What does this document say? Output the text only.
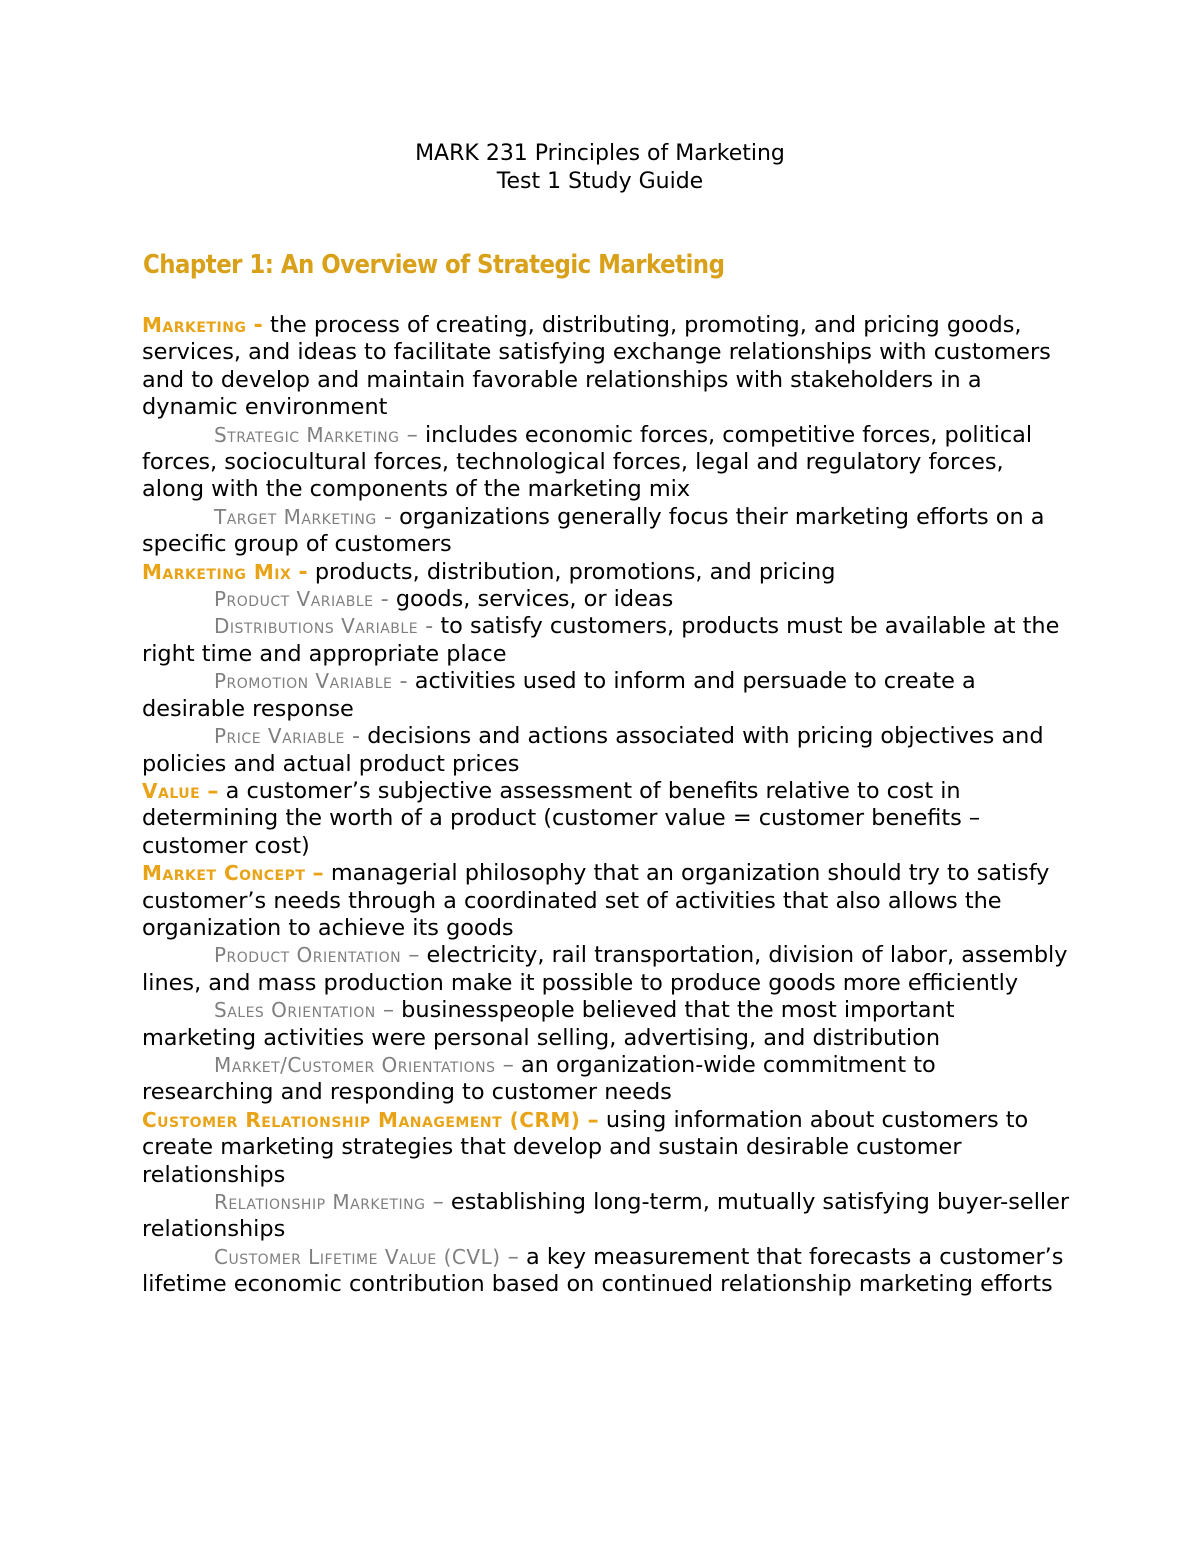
MARK 231 Principles of Marketing
Test 1 Study Guide
Chapter 1: An Overview of Strategic Marketing

Marketing - the process of creating, distributing, promoting, and pricing goods, services, and ideas to facilitate satisfying exchange relationships with customers and to develop and maintain favorable relationships with stakeholders in a dynamic environment

Strategic Marketing – includes economic forces, competitive forces, political forces, sociocultural forces, technological forces, legal and regulatory forces, along with the components of the marketing mix

Target Marketing - organizations generally focus their marketing efforts on a specific group of customers

Marketing Mix - products, distribution, promotions, and pricing

Product Variable - goods, services, or ideas

Distributions Variable - to satisfy customers, products must be available at the right time and appropriate place

Promotion Variable - activities used to inform and persuade to create a desirable response

Price Variable - decisions and actions associated with pricing objectives and policies and actual product prices

Value – a customer’s subjective assessment of benefits relative to cost in determining the worth of a product (customer value = customer benefits – customer cost)

Market Concept – managerial philosophy that an organization should try to satisfy customer’s needs through a coordinated set of activities that also allows the organization to achieve its goods

Product Orientation – electricity, rail transportation, division of labor, assembly lines, and mass production make it possible to produce goods more efficiently

Sales Orientation – businesspeople believed that the most important marketing activities were personal selling, advertising, and distribution

Market/Customer Orientations – an organization-wide commitment to researching and responding to customer needs

Customer Relationship Management (CRM) – using information about customers to create marketing strategies that develop and sustain desirable customer relationships

Relationship Marketing – establishing long-term, mutually satisfying buyer-seller relationships

Customer Lifetime Value (CVL) – a key measurement that forecasts a customer’s lifetime economic contribution based on continued relationship marketing efforts
